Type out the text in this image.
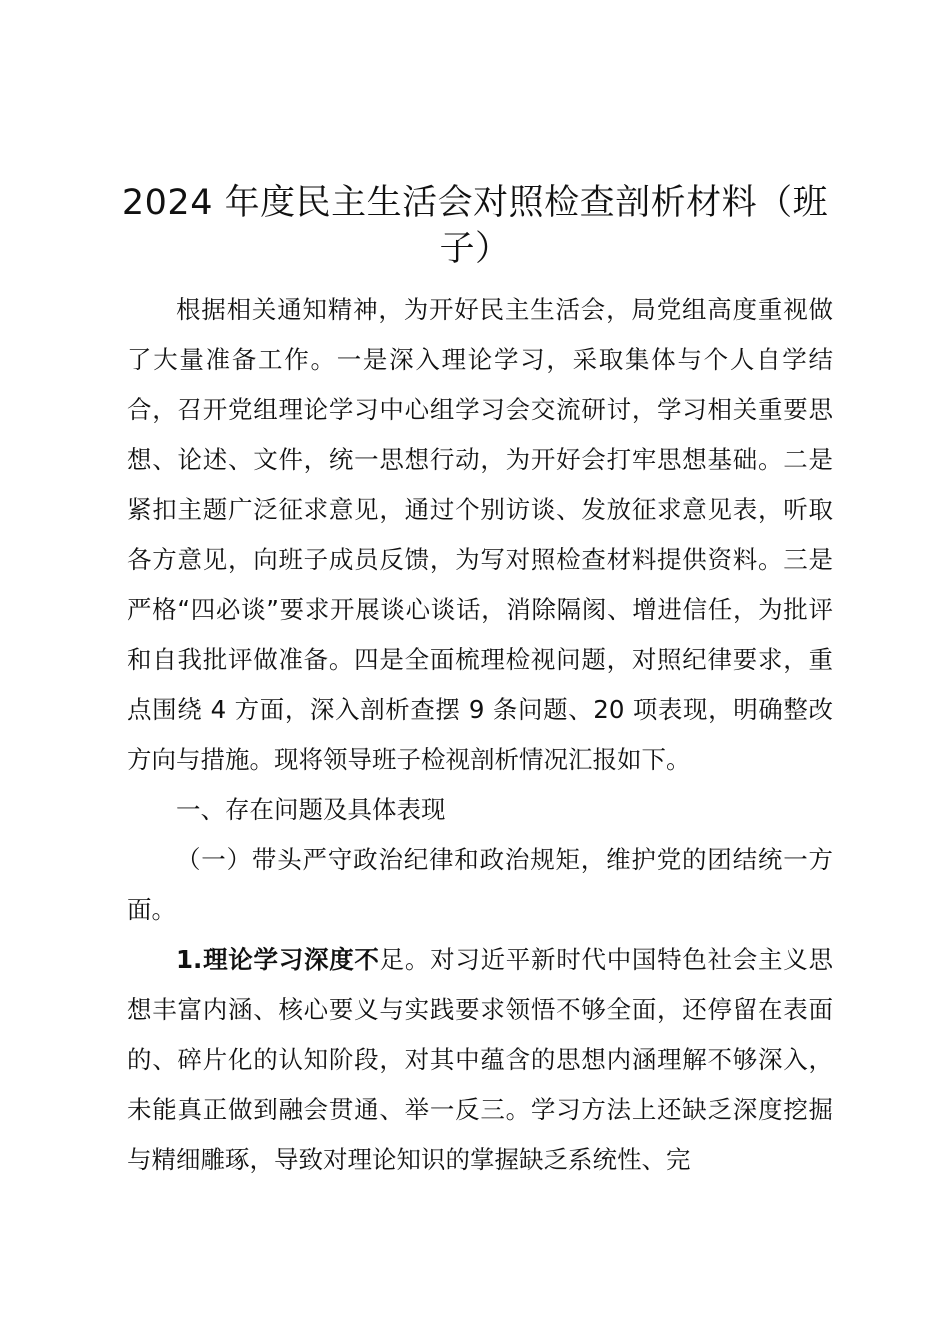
2024 年度民主生活会对照检查剖析材料（班子）

根据相关通知精神，为开好民主生活会，局党组高度重视做了大量准备工作。一是深入理论学习，采取集体与个人自学结合，召开党组理论学习中心组学习会交流研讨，学习相关重要思想、论述、文件，统一思想行动，为开好会打牢思想基础。二是紧扣主题广泛征求意见，通过个别访谈、发放征求意见表，听取各方意见，向班子成员反馈，为写对照检查材料提供资料。三是严格“四必谈”要求开展谈心谈话，消除隔阂、增进信任，为批评和自我批评做准备。四是全面梳理检视问题，对照纪律要求，重点围绕 4 方面，深入剖析查摆 9 条问题、20 项表现，明确整改方向与措施。现将领导班子检视剖析情况汇报如下。

一、存在问题及具体表现

（一）带头严守政治纪律和政治规矩，维护党的团结统一方面。

1.理论学习深度不足。对习近平新时代中国特色社会主义思想丰富内涵、核心要义与实践要求领悟不够全面，还停留在表面的、碎片化的认知阶段，对其中蕴含的思想内涵理解不够深入，未能真正做到融会贯通、举一反三。学习方法上还缺乏深度挖掘与精细雕琢，导致对理论知识的掌握缺乏系统性、完
